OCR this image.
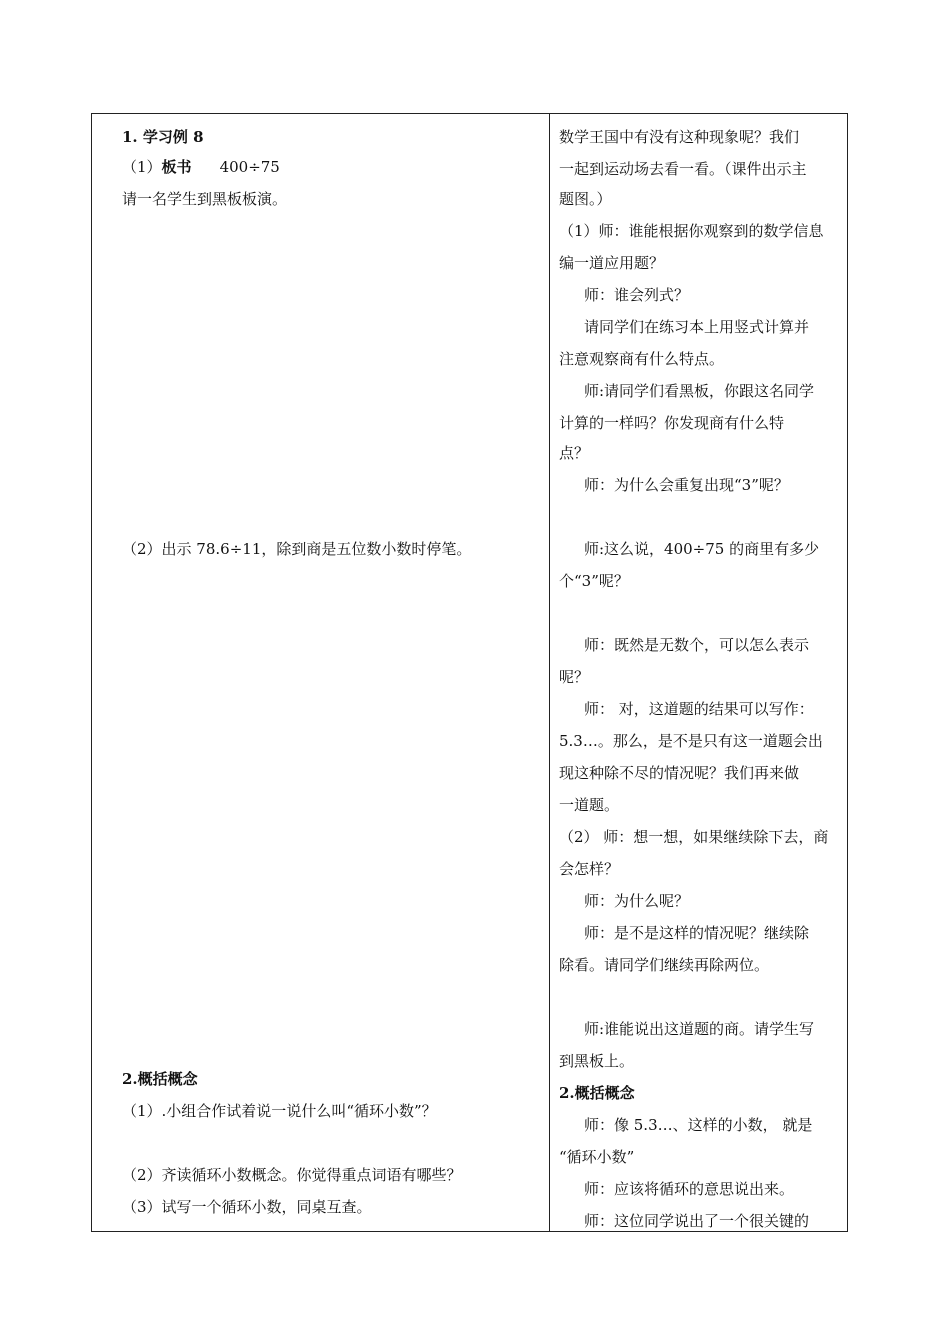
1. 学习例 8
（1）板书 400÷75
请一名学生到黑板板演。
（2）出示 78.6÷11，除到商是五位数小数时停笔。
2.概括概念
（1）.小组合作试着说一说什么叫“循环小数”？
（2）齐读循环小数概念。你觉得重点词语有哪些？
（3）试写一个循环小数，同桌互查。
数学王国中有没有这种现象呢？我们
一起到运动场去看一看。（课件出示主
题图。）
（1）师：谁能根据你观察到的数学信息
编一道应用题？
师：谁会列式？
请同学们在练习本上用竖式计算并
注意观察商有什么特点。
师:请同学们看黑板，你跟这名同学
计算的一样吗？你发现商有什么特
点？
师：为什么会重复出现“3”呢？
师:这么说，400÷75 的商里有多少
个“3”呢？
师：既然是无数个，可以怎么表示
呢？
师： 对，这道题的结果可以写作：
5.3…。那么，是不是只有这一道题会出
现这种除不尽的情况呢？我们再来做
一道题。
（2） 师：想一想，如果继续除下去，商
会怎样？
师：为什么呢？
师：是不是这样的情况呢？继续除
除看。请同学们继续再除两位。
师:谁能说出这道题的商。请学生写
到黑板上。
2.概括概念
师：像 5.3…、这样的小数， 就是
“循环小数”
师：应该将循环的意思说出来。
师：这位同学说出了一个很关键的
